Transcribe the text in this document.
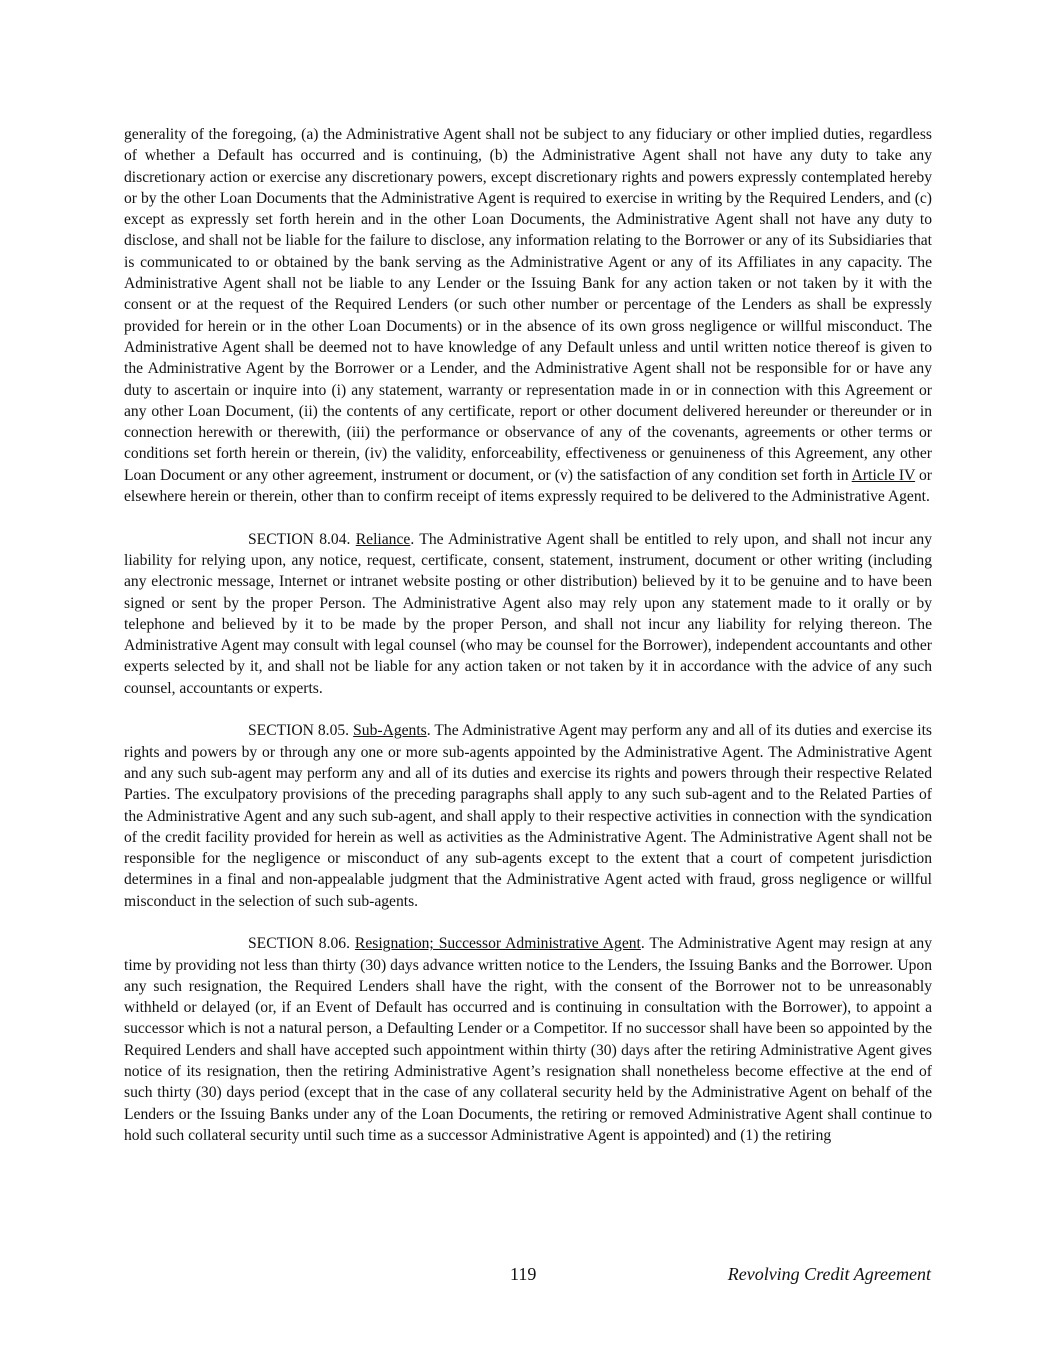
generality of the foregoing, (a) the Administrative Agent shall not be subject to any fiduciary or other implied duties, regardless of whether a Default has occurred and is continuing, (b) the Administrative Agent shall not have any duty to take any discretionary action or exercise any discretionary powers, except discretionary rights and powers expressly contemplated hereby or by the other Loan Documents that the Administrative Agent is required to exercise in writing by the Required Lenders, and (c) except as expressly set forth herein and in the other Loan Documents, the Administrative Agent shall not have any duty to disclose, and shall not be liable for the failure to disclose, any information relating to the Borrower or any of its Subsidiaries that is communicated to or obtained by the bank serving as the Administrative Agent or any of its Affiliates in any capacity. The Administrative Agent shall not be liable to any Lender or the Issuing Bank for any action taken or not taken by it with the consent or at the request of the Required Lenders (or such other number or percentage of the Lenders as shall be expressly provided for herein or in the other Loan Documents) or in the absence of its own gross negligence or willful misconduct. The Administrative Agent shall be deemed not to have knowledge of any Default unless and until written notice thereof is given to the Administrative Agent by the Borrower or a Lender, and the Administrative Agent shall not be responsible for or have any duty to ascertain or inquire into (i) any statement, warranty or representation made in or in connection with this Agreement or any other Loan Document, (ii) the contents of any certificate, report or other document delivered hereunder or thereunder or in connection herewith or therewith, (iii) the performance or observance of any of the covenants, agreements or other terms or conditions set forth herein or therein, (iv) the validity, enforceability, effectiveness or genuineness of this Agreement, any other Loan Document or any other agreement, instrument or document, or (v) the satisfaction of any condition set forth in Article IV or elsewhere herein or therein, other than to confirm receipt of items expressly required to be delivered to the Administrative Agent.

SECTION 8.04. Reliance. The Administrative Agent shall be entitled to rely upon, and shall not incur any liability for relying upon, any notice, request, certificate, consent, statement, instrument, document or other writing (including any electronic message, Internet or intranet website posting or other distribution) believed by it to be genuine and to have been signed or sent by the proper Person. The Administrative Agent also may rely upon any statement made to it orally or by telephone and believed by it to be made by the proper Person, and shall not incur any liability for relying thereon. The Administrative Agent may consult with legal counsel (who may be counsel for the Borrower), independent accountants and other experts selected by it, and shall not be liable for any action taken or not taken by it in accordance with the advice of any such counsel, accountants or experts.

SECTION 8.05. Sub-Agents. The Administrative Agent may perform any and all of its duties and exercise its rights and powers by or through any one or more sub-agents appointed by the Administrative Agent. The Administrative Agent and any such sub-agent may perform any and all of its duties and exercise its rights and powers through their respective Related Parties. The exculpatory provisions of the preceding paragraphs shall apply to any such sub-agent and to the Related Parties of the Administrative Agent and any such sub-agent, and shall apply to their respective activities in connection with the syndication of the credit facility provided for herein as well as activities as the Administrative Agent. The Administrative Agent shall not be responsible for the negligence or misconduct of any sub-agents except to the extent that a court of competent jurisdiction determines in a final and non-appealable judgment that the Administrative Agent acted with fraud, gross negligence or willful misconduct in the selection of such sub-agents.

SECTION 8.06. Resignation; Successor Administrative Agent. The Administrative Agent may resign at any time by providing not less than thirty (30) days advance written notice to the Lenders, the Issuing Banks and the Borrower. Upon any such resignation, the Required Lenders shall have the right, with the consent of the Borrower not to be unreasonably withheld or delayed (or, if an Event of Default has occurred and is continuing in consultation with the Borrower), to appoint a successor which is not a natural person, a Defaulting Lender or a Competitor. If no successor shall have been so appointed by the Required Lenders and shall have accepted such appointment within thirty (30) days after the retiring Administrative Agent gives notice of its resignation, then the retiring Administrative Agent’s resignation shall nonetheless become effective at the end of such thirty (30) days period (except that in the case of any collateral security held by the Administrative Agent on behalf of the Lenders or the Issuing Banks under any of the Loan Documents, the retiring or removed Administrative Agent shall continue to hold such collateral security until such time as a successor Administrative Agent is appointed) and (1) the retiring

119	Revolving Credit Agreement
